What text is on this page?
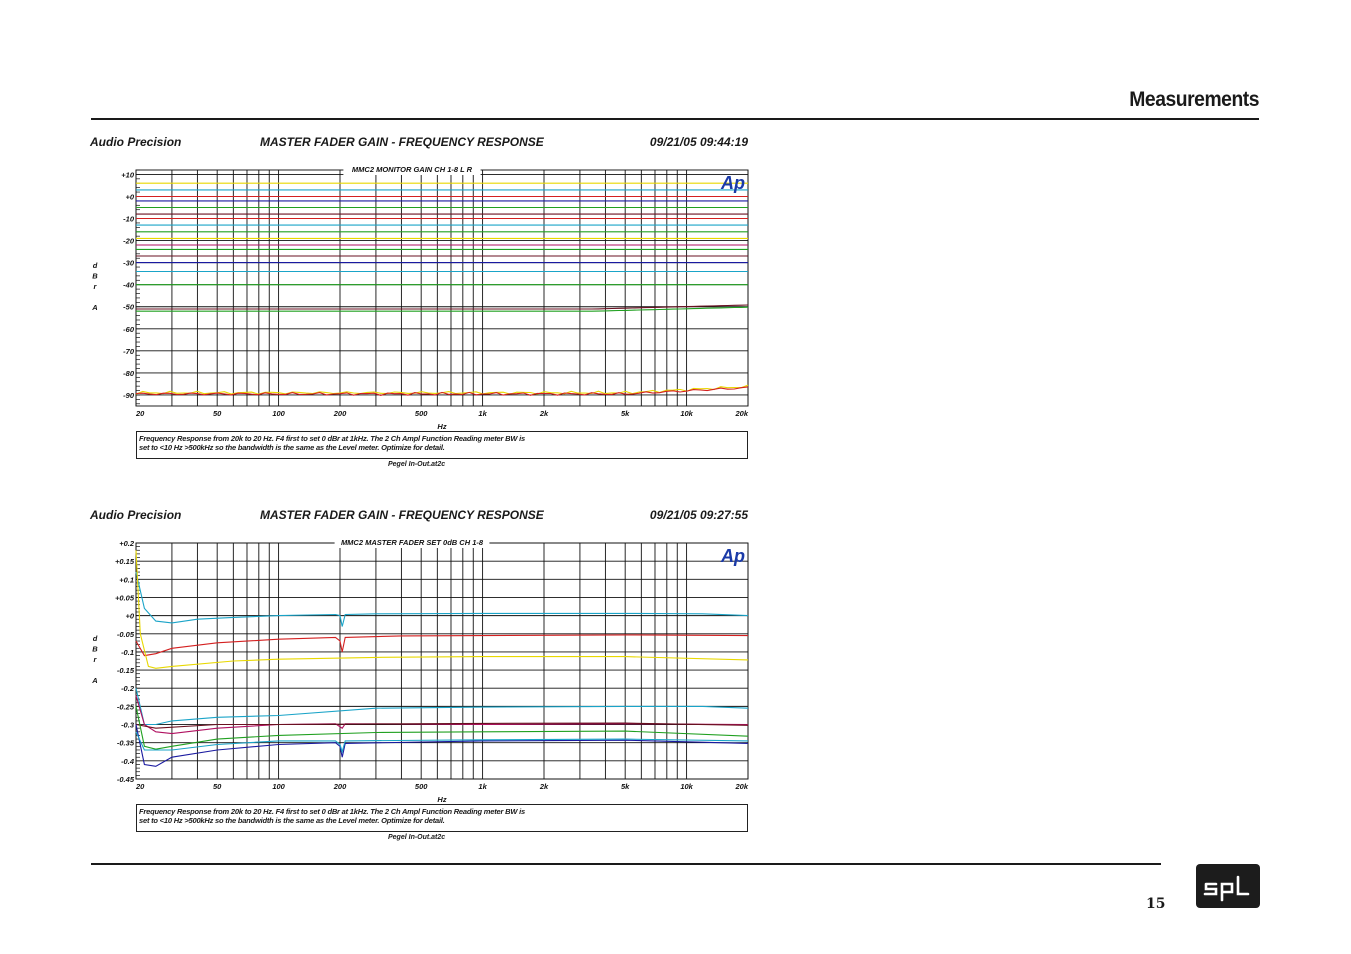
Measurements
Audio Precision	MASTER FADER GAIN - FREQUENCY RESPONSE	09/21/05 09:44:19
MMC2 MONITOR GAIN CH 1-8 L R
Ap
+10
+0
-10
-20
-30
-40
-50
-60
-70
-80
-90
20	50	100	200	500	1k	2k	5k	10k	20k
Hz
d
B
r
A
Frequency Response from 20k to 20 Hz. F4 first to set 0 dBr at 1kHz. The 2 Ch Ampl Function Reading meter BW is
set to <10 Hz >500kHz so the bandwidth is the same as the Level meter. Optimize for detail.
Pegel In-Out.at2c
Audio Precision	MASTER FADER GAIN - FREQUENCY RESPONSE	09/21/05 09:27:55
MMC2 MASTER FADER SET 0dB CH 1-8
Ap
+0.2
+0.15
+0.1
+0.05
+0
-0.05
-0.1
-0.15
-0.2
-0.25
-0.3
-0.35
-0.4
-0.45
20	50	100	200	500	1k	2k	5k	10k	20k
Hz
d
B
r
A
Frequency Response from 20k to 20 Hz. F4 first to set 0 dBr at 1kHz. The 2 Ch Ampl Function Reading meter BW is
set to <10 Hz >500kHz so the bandwidth is the same as the Level meter. Optimize for detail.
Pegel In-Out.at2c
15
